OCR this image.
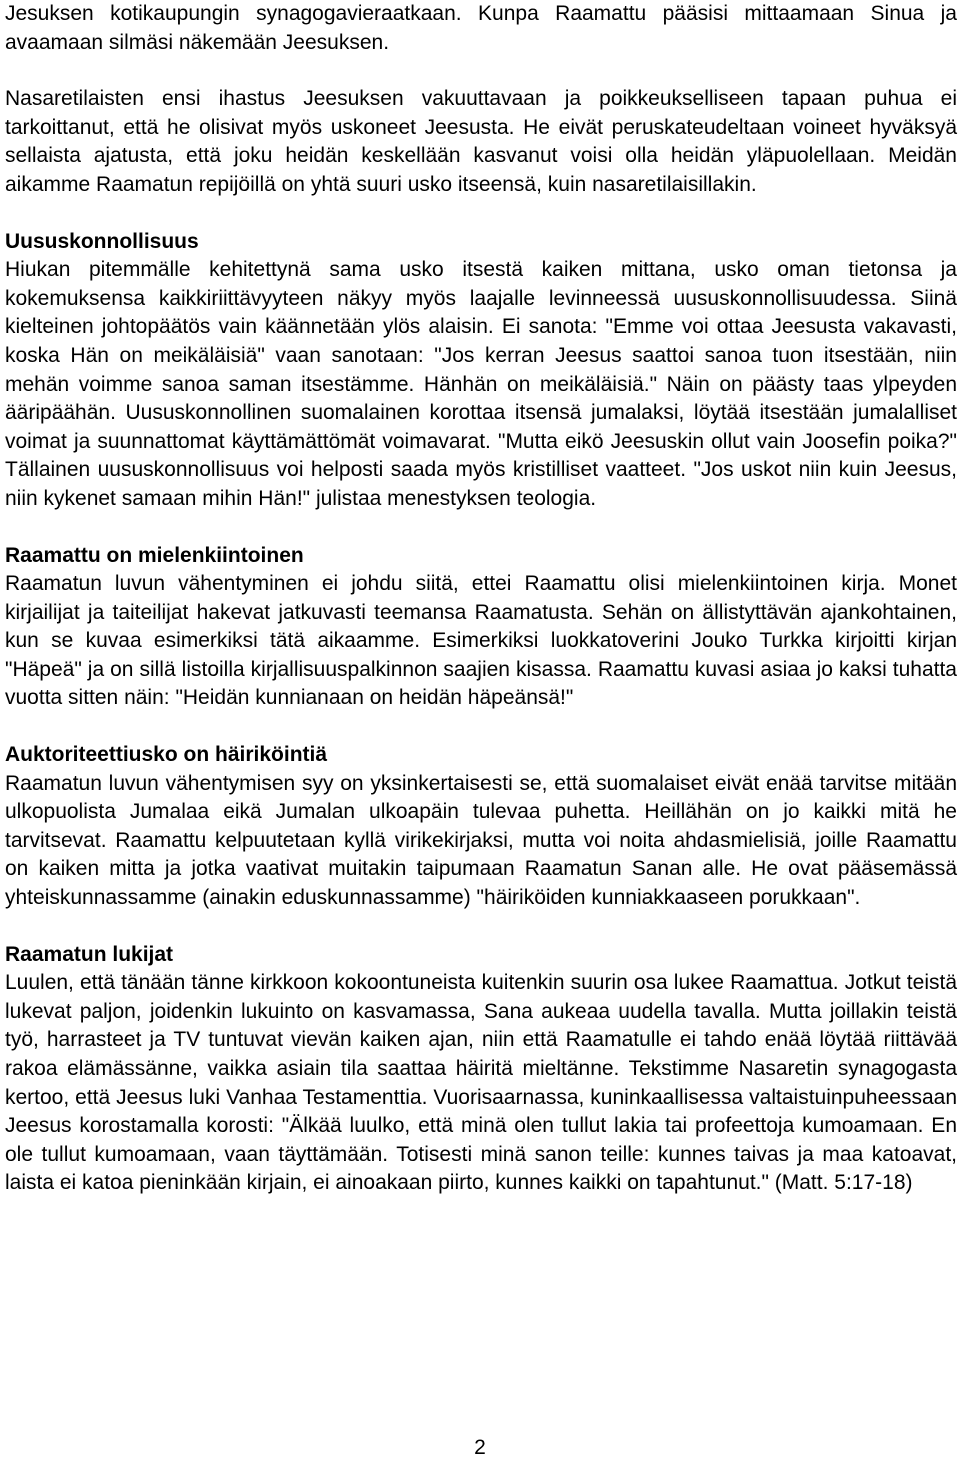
Jesuksen kotikaupungin synagogavieraatkaan. Kunpa Raamattu pääsisi mittaamaan Sinua ja avaamaan silmäsi näkemään Jeesuksen.

Nasaretilaisten ensi ihastus Jeesuksen vakuuttavaan ja poikkeukselliseen tapaan puhua ei tarkoittanut, että he olisivat myös uskoneet Jeesusta. He eivät peruskateudeltaan voineet hyväksyä sellaista ajatusta, että joku heidän keskellään kasvanut voisi olla heidän yläpuolellaan. Meidän aikamme Raamatun repijöillä on yhtä suuri usko itseensä, kuin nasaretilaisillakin.

Uususkonnollisuus

Hiukan pitemmälle kehitettynä sama usko itsestä kaiken mittana, usko oman tietonsa ja kokemuksensa kaikkiriittävyyteen näkyy myös laajalle levinneessä uususkonnollisuudessa. Siinä kielteinen johtopäätös vain käännetään ylös alaisin. Ei sanota: "Emme voi ottaa Jeesusta vakavasti, koska Hän on meikäläisiä" vaan sanotaan: "Jos kerran Jeesus saattoi sanoa tuon itsestään, niin mehän voimme sanoa saman itsestämme. Hänhän on meikäläisiä." Näin on päästy taas ylpeyden ääripäähän. Uususkonnollinen suomalainen korottaa itsensä jumalaksi, löytää itsestään jumalalliset voimat ja suunnattomat käyttämättömät voimavarat. "Mutta eikö Jeesuskin ollut vain Joosefin poika?" Tällainen uususkonnollisuus voi helposti saada myös kristilliset vaatteet. "Jos uskot niin kuin Jeesus, niin kykenet samaan mihin Hän!" julistaa menestyksen teologia.

Raamattu on mielenkiintoinen

Raamatun luvun vähentyminen ei johdu siitä, ettei Raamattu olisi mielenkiintoinen kirja. Monet kirjailijat ja taiteilijat hakevat jatkuvasti teemansa Raamatusta. Sehän on ällistyttävän ajankohtainen, kun se kuvaa esimerkiksi tätä aikaamme. Esimerkiksi luokkatoverini Jouko Turkka kirjoitti kirjan "Häpeä" ja on sillä listoilla kirjallisuuspalkinnon saajien kisassa. Raamattu kuvasi asiaa jo kaksi tuhatta vuotta sitten näin: "Heidän kunnianaan on heidän häpeänsä!"

Auktoriteettiusko on häiriköintiä

Raamatun luvun vähentymisen syy on yksinkertaisesti se, että suomalaiset eivät enää tarvitse mitään ulkopuolista Jumalaa eikä Jumalan ulkoapäin tulevaa puhetta. Heillähän on jo kaikki mitä he tarvitsevat. Raamattu kelpuutetaan kyllä virikekirjaksi, mutta voi noita ahdasmielisiä, joille Raamattu on kaiken mitta ja jotka vaativat muitakin taipumaan Raamatun Sanan alle. He ovat pääsemässä yhteiskunnassamme (ainakin eduskunnassamme) "häiriköiden kunniakkaaseen porukkaan".

Raamatun lukijat

Luulen, että tänään tänne kirkkoon kokoontuneista kuitenkin suurin osa lukee Raamattua. Jotkut teistä lukevat paljon, joidenkin lukuinto on kasvamassa, Sana aukeaa uudella tavalla. Mutta joillakin teistä työ, harrasteet ja TV tuntuvat vievän kaiken ajan, niin että Raamatulle ei tahdo enää löytää riittävää rakoa elämässänne, vaikka asiain tila saattaa häiritä mieltänne. Tekstimme Nasaretin synagogasta kertoo, että Jeesus luki Vanhaa Testamenttia. Vuorisaarnassa, kuninkaallisessa valtaistuinpuheessaan Jeesus korostamalla korosti: "Älkää luulko, että minä olen tullut lakia tai profeettoja kumoamaan. En ole tullut kumoamaan, vaan täyttämään. Totisesti minä sanon teille: kunnes taivas ja maa katoavat, laista ei katoa pieninkään kirjain, ei ainoakaan piirto, kunnes kaikki on tapahtunut." (Matt. 5:17-18)

2
